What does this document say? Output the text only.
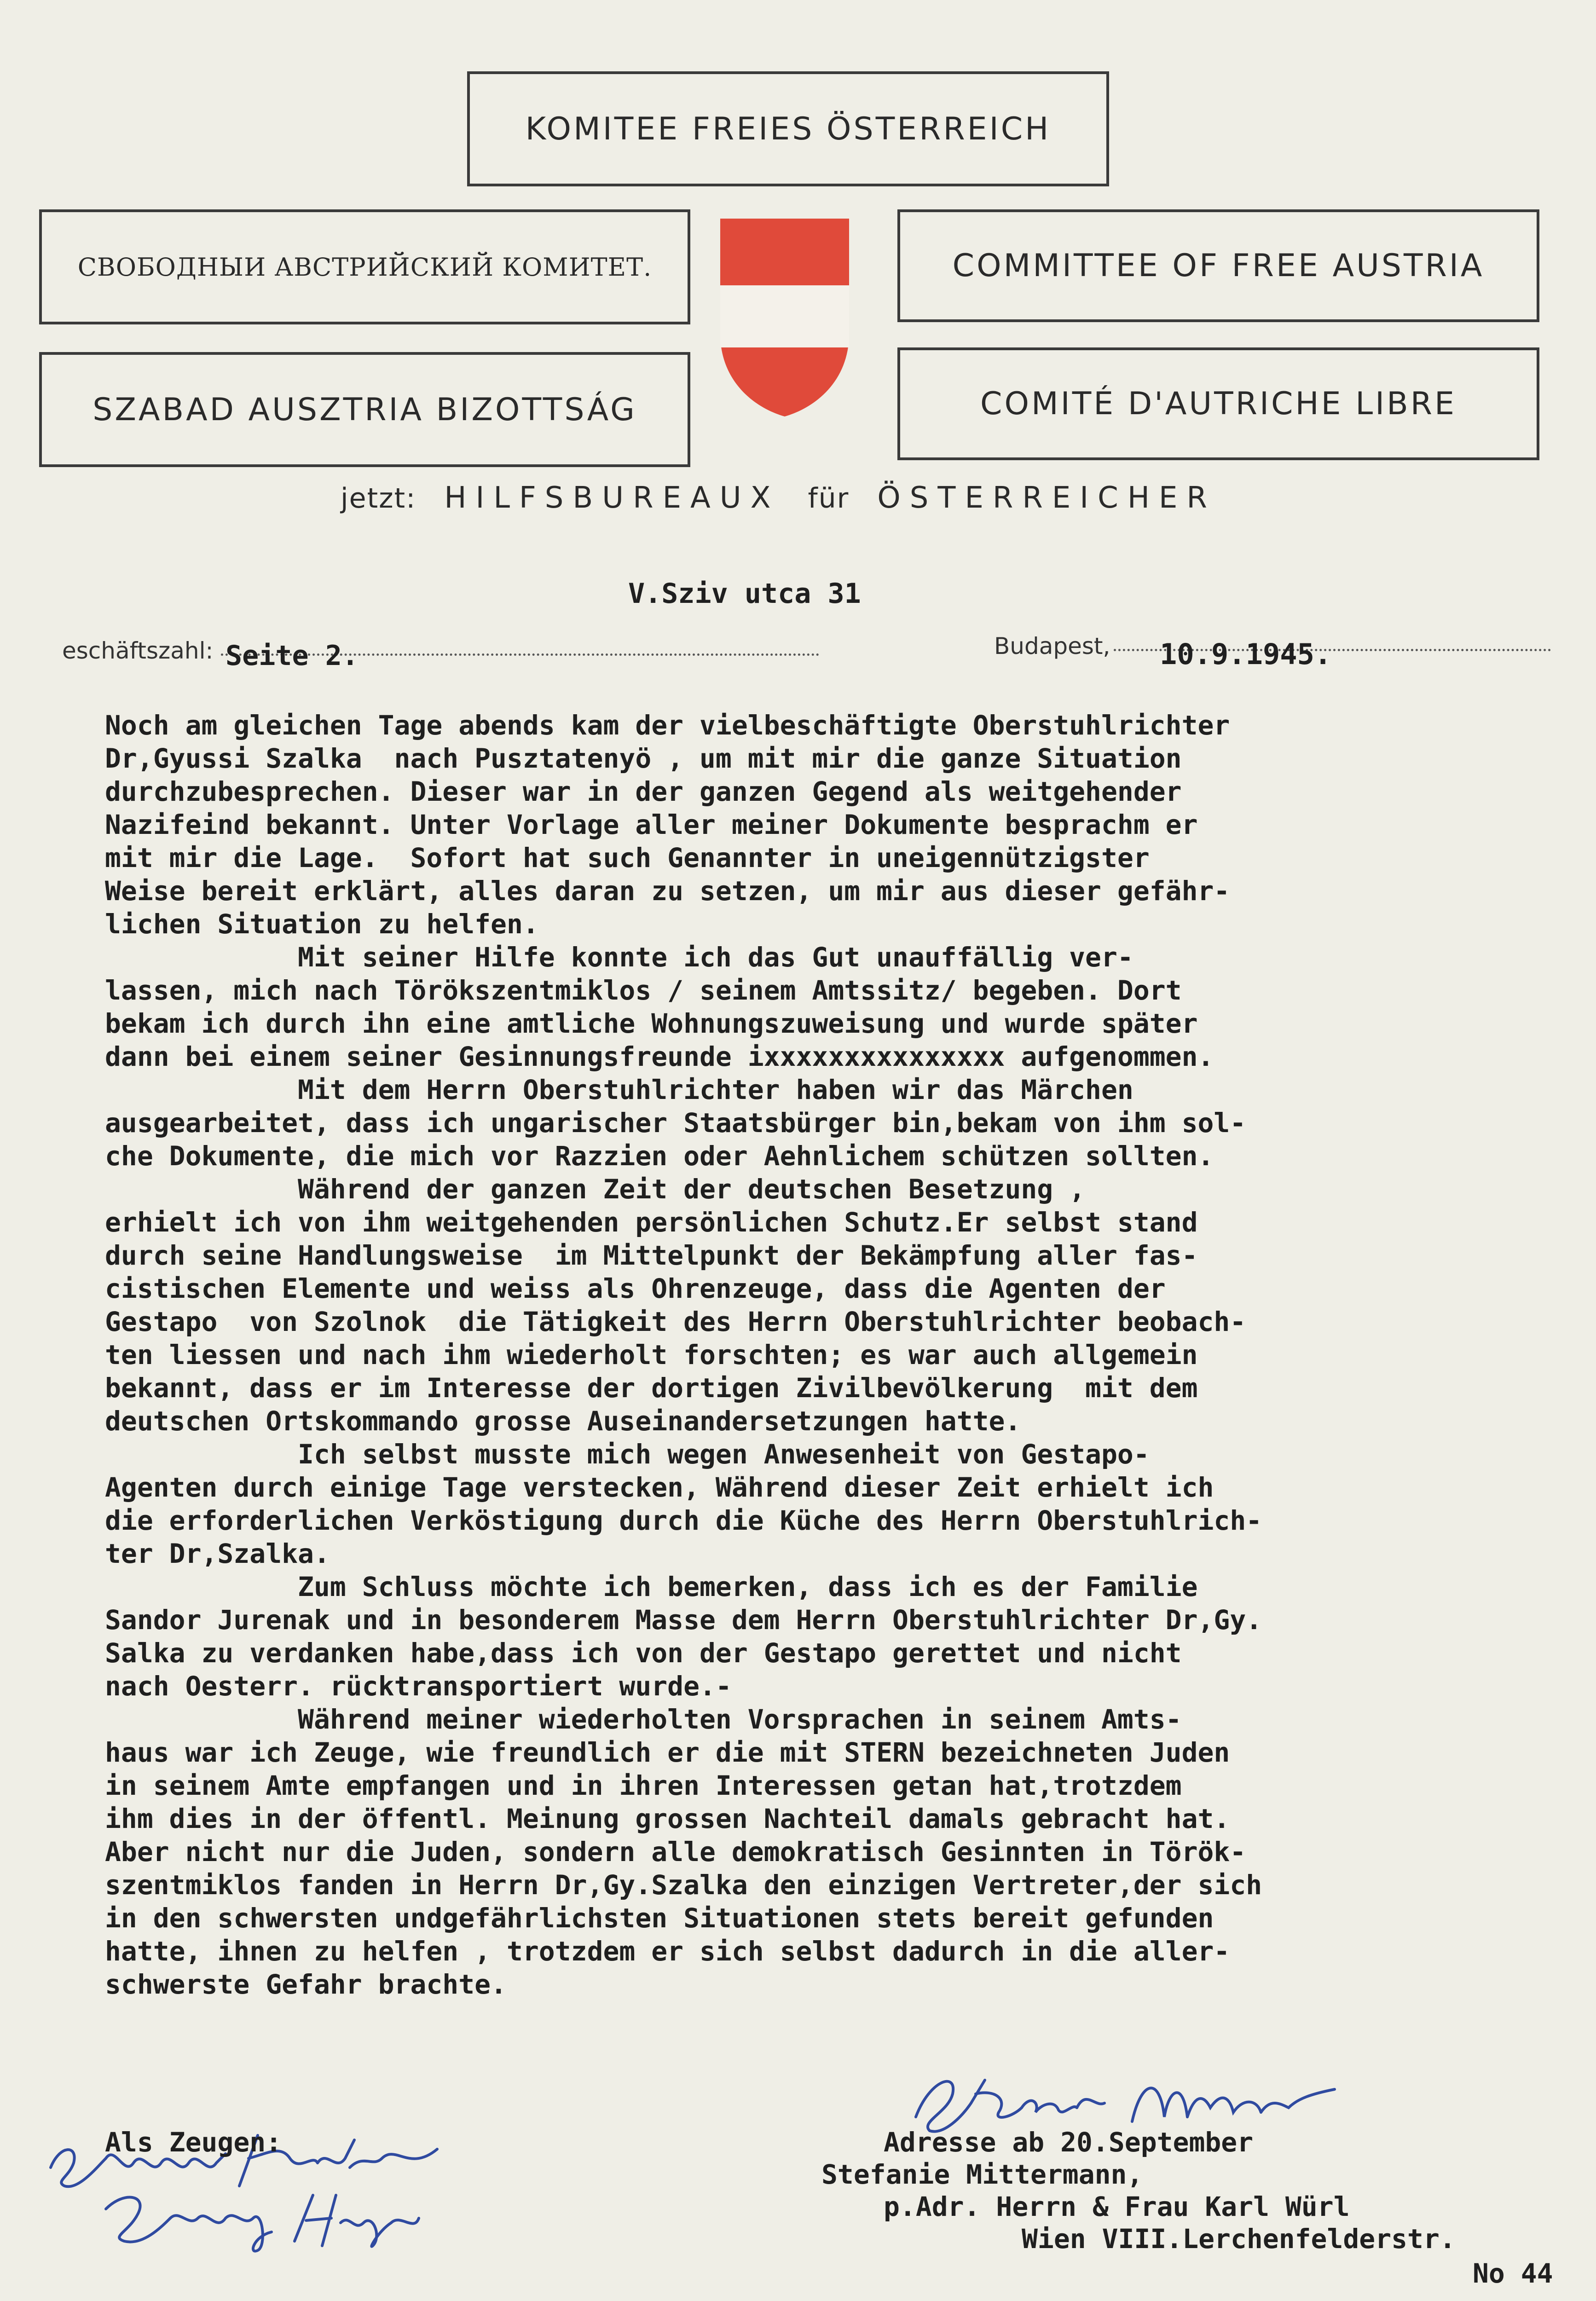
KOMITEE FREIES ÖSTERREICH
СВОБОДНЫИ АВСТРИЙСКИЙ КОМИТЕТ.	COMMITTEE OF FREE AUSTRIA
SZABAD AUSZTRIA BIZOTTSÁG	COMITÉ D'AUTRICHE LIBRE
jetzt: HILFSBUREAUX für ÖSTERREICHER
V.Sziv utca 31
eschäftszahl: Seite 2.	Budapest, 10.9.1945.
Noch am gleichen Tage abends kam der vielbeschäftigte Oberstuhlrichter
Dr,Gyussi Szalka  nach Pusztatenyö , um mit mir die ganze Situation
durchzubesprechen. Dieser war in der ganzen Gegend als weitgehender
Nazifeind bekannt. Unter Vorlage aller meiner Dokumente besprachm er
mit mir die Lage.  Sofort hat such Genannter in uneigennützigster
Weise bereit erklärt, alles daran zu setzen, um mir aus dieser gefähr-
lichen Situation zu helfen.
Mit seiner Hilfe konnte ich das Gut unauffällig ver-
lassen, mich nach Törökszentmiklos / seinem Amtssitz/ begeben. Dort
bekam ich durch ihn eine amtliche Wohnungszuweisung und wurde später
dann bei einem seiner Gesinnungsfreunde ixxxxxxxxxxxxxxx aufgenommen.
Mit dem Herrn Oberstuhlrichter haben wir das Märchen
ausgearbeitet, dass ich ungarischer Staatsbürger bin,bekam von ihm sol-
che Dokumente, die mich vor Razzien oder Aehnlichem schützen sollten.
Während der ganzen Zeit der deutschen Besetzung ,
erhielt ich von ihm weitgehenden persönlichen Schutz.Er selbst stand
durch seine Handlungsweise  im Mittelpunkt der Bekämpfung aller fas-
cistischen Elemente und weiss als Ohrenzeuge, dass die Agenten der
Gestapo  von Szolnok  die Tätigkeit des Herrn Oberstuhlrichter beobach-
ten liessen und nach ihm wiederholt forschten; es war auch allgemein
bekannt, dass er im Interesse der dortigen Zivilbevölkerung  mit dem
deutschen Ortskommando grosse Auseinandersetzungen hatte.
Ich selbst musste mich wegen Anwesenheit von Gestapo-
Agenten durch einige Tage verstecken, Während dieser Zeit erhielt ich
die erforderlichen Verköstigung durch die Küche des Herrn Oberstuhlrich-
ter Dr,Szalka.
Zum Schluss möchte ich bemerken, dass ich es der Familie
Sandor Jurenak und in besonderem Masse dem Herrn Oberstuhlrichter Dr,Gy.
Salka zu verdanken habe,dass ich von der Gestapo gerettet und nicht
nach Oesterr. rücktransportiert wurde.-
Während meiner wiederholten Vorsprachen in seinem Amts-
haus war ich Zeuge, wie freundlich er die mit STERN bezeichneten Juden
in seinem Amte empfangen und in ihren Interessen getan hat,trotzdem
ihm dies in der öffentl. Meinung grossen Nachteil damals gebracht hat.
Aber nicht nur die Juden, sondern alle demokratisch Gesinnten in Török-
szentmiklos fanden in Herrn Dr,Gy.Szalka den einzigen Vertreter,der sich
in den schwersten undgefährlichsten Situationen stets bereit gefunden
hatte, ihnen zu helfen , trotzdem er sich selbst dadurch in die aller-
schwerste Gefahr brachte.
Als Zeugen:	Adresse ab 20.September
Stefanie Mittermann,
p.Adr. Herrn & Frau Karl Würl
Wien VIII.Lerchenfelderstr.
No 44
